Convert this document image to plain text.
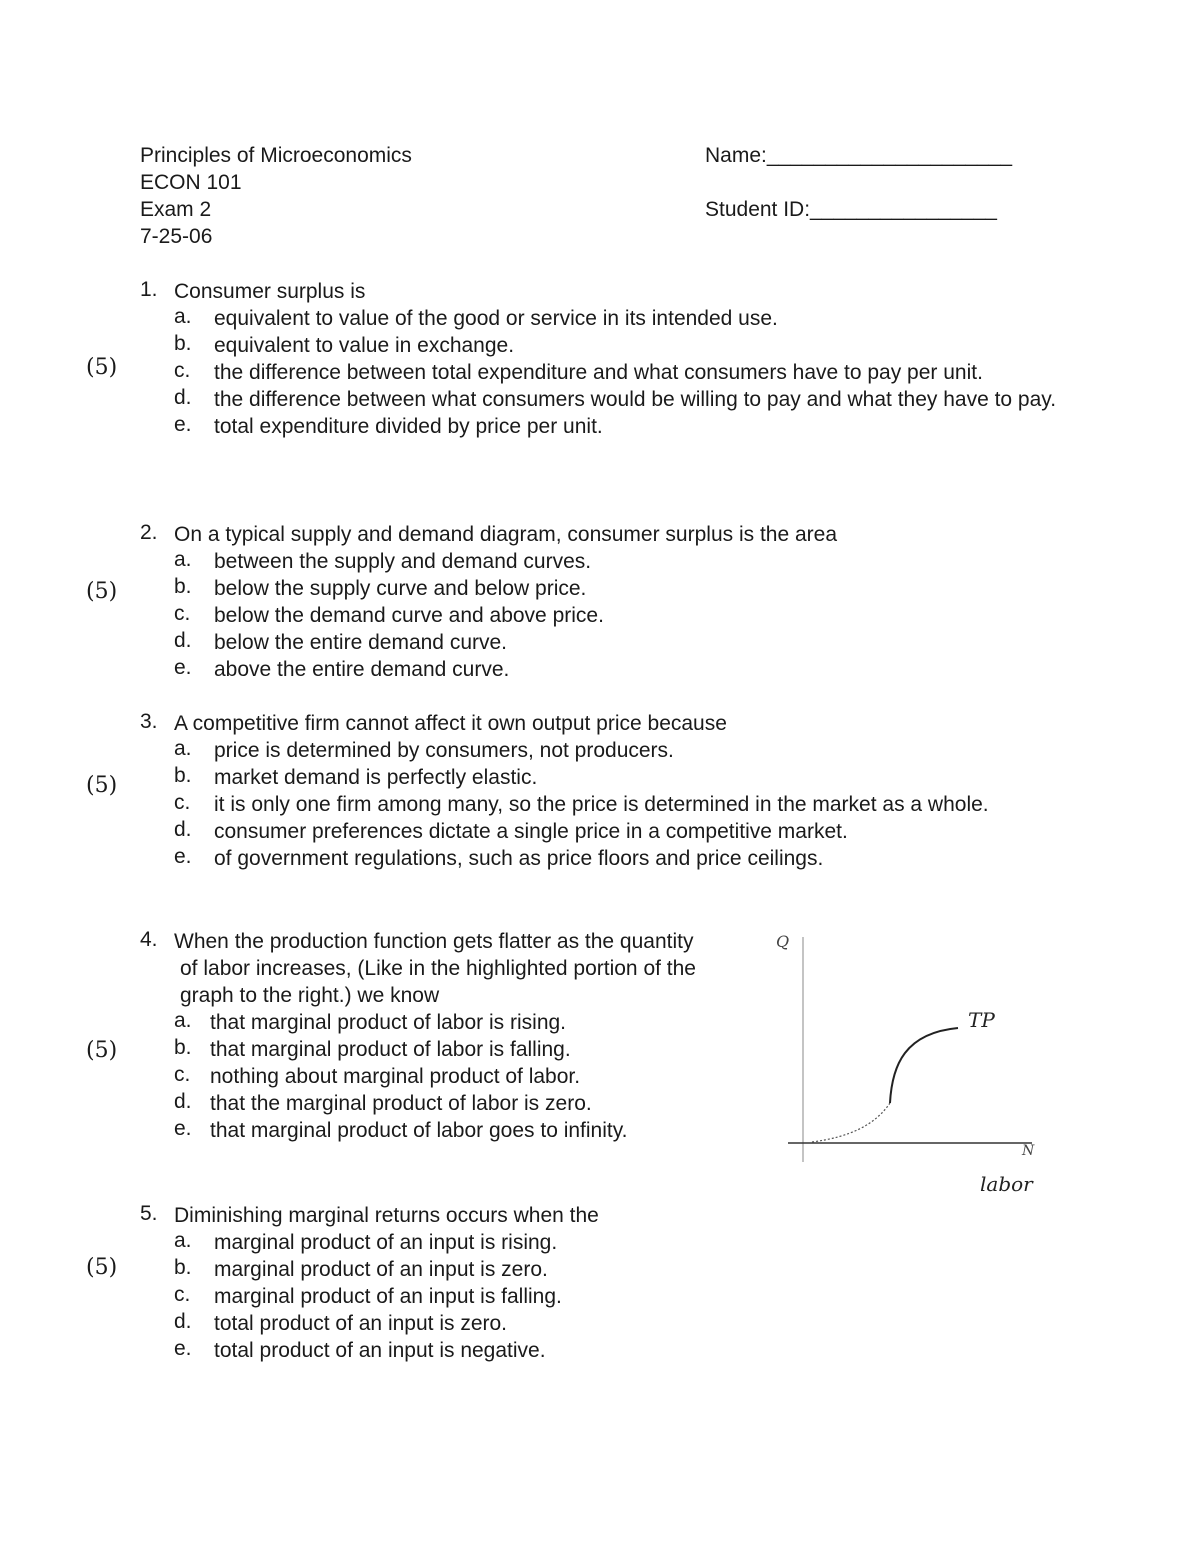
Principles of Microeconomics
ECON 101
Exam 2
7-25-06
Name:_____________________
Student ID:________________
(5)
(5)
(5)
(5)
(5)
1. Consumer surplus is
a.	equivalent to value of the good or service in its intended use.
b.	equivalent to value in exchange.
c.	the difference between total expenditure and what consumers have to pay per unit.
d.	the difference between what consumers would be willing to pay and what they have to pay.
e.	total expenditure divided by price per unit.
2. On a typical supply and demand diagram, consumer surplus is the area
a.	between the supply and demand curves.
b.	below the supply curve and below price.
c.	below the demand curve and above price.
d.	below the entire demand curve.
e.	above the entire demand curve.
3. A competitive firm cannot affect it own output price because
a.	price is determined by consumers, not producers.
b.	market demand is perfectly elastic.
c.	it is only one firm among many, so the price is determined in the market as a whole.
d.	consumer preferences dictate a single price in a competitive market.
e.	of government regulations, such as price floors and price ceilings.
4. When the production function gets flatter as the quantity
of labor increases, (Like in the highlighted portion of the
graph to the right.) we know
a. that marginal product of labor is rising.
b. that marginal product of labor is falling.
c. nothing about marginal product of labor.
d. that the marginal product of labor is zero.
e. that marginal product of labor goes to infinity.
Q
TP
N
labor
5. Diminishing marginal returns occurs when the
a.	marginal product of an input is rising.
b.	marginal product of an input is zero.
c.	marginal product of an input is falling.
d.	total product of an input is zero.
e.	total product of an input is negative.
